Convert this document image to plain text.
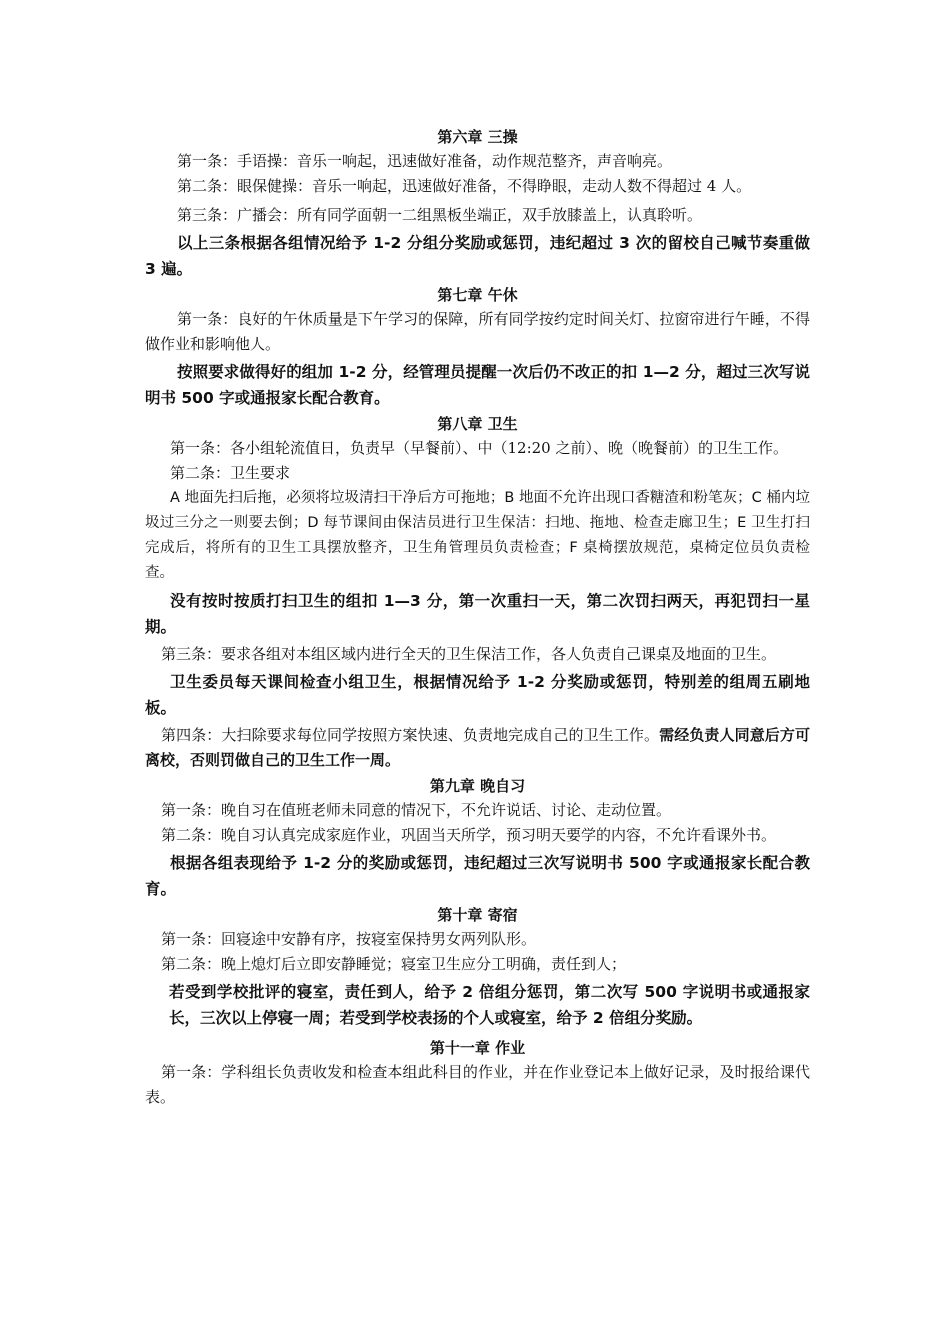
第六章 三操

第一条：手语操：音乐一响起，迅速做好准备，动作规范整齐，声音响亮。

第二条：眼保健操：音乐一响起，迅速做好准备，不得睁眼，走动人数不得超过 4 人。

第三条：广播会：所有同学面朝一二组黑板坐端正，双手放膝盖上，认真聆听。

以上三条根据各组情况给予 1-2 分组分奖励或惩罚，违纪超过 3 次的留校自己喊节奏重做 3 遍。

第七章 午休

第一条：良好的午休质量是下午学习的保障，所有同学按约定时间关灯、拉窗帘进行午睡，不得做作业和影响他人。

按照要求做得好的组加 1-2 分，经管理员提醒一次后仍不改正的扣 1—2 分，超过三次写说明书 500 字或通报家长配合教育。

第八章 卫生

第一条：各小组轮流值日，负责早（早餐前）、中（12:20 之前）、晚（晚餐前）的卫生工作。

第二条：卫生要求

A 地面先扫后拖，必须将垃圾清扫干净后方可拖地；B 地面不允许出现口香糖渣和粉笔灰；C 桶内垃圾过三分之一则要去倒；D 每节课间由保洁员进行卫生保洁：扫地、拖地、检查走廊卫生；E 卫生打扫完成后，将所有的卫生工具摆放整齐，卫生角管理员负责检查；F 桌椅摆放规范，桌椅定位员负责检查。

没有按时按质打扫卫生的组扣 1—3 分，第一次重扫一天，第二次罚扫两天，再犯罚扫一星期。

第三条：要求各组对本组区域内进行全天的卫生保洁工作，各人负责自己课桌及地面的卫生。

卫生委员每天课间检查小组卫生，根据情况给予 1-2 分奖励或惩罚，特别差的组周五刷地板。

第四条：大扫除要求每位同学按照方案快速、负责地完成自己的卫生工作。需经负责人同意后方可离校，否则罚做自己的卫生工作一周。

第九章 晚自习

第一条：晚自习在值班老师未同意的情况下，不允许说话、讨论、走动位置。

第二条：晚自习认真完成家庭作业，巩固当天所学，预习明天要学的内容，不允许看课外书。

根据各组表现给予 1-2 分的奖励或惩罚，违纪超过三次写说明书 500 字或通报家长配合教育。

第十章 寄宿

第一条：回寝途中安静有序，按寝室保持男女两列队形。

第二条：晚上熄灯后立即安静睡觉；寝室卫生应分工明确，责任到人；

若受到学校批评的寝室，责任到人，给予 2 倍组分惩罚，第二次写 500 字说明书或通报家长，三次以上停寝一周；若受到学校表扬的个人或寝室，给予 2 倍组分奖励。

第十一章 作业

第一条：学科组长负责收发和检查本组此科目的作业，并在作业登记本上做好记录，及时报给课代表。
